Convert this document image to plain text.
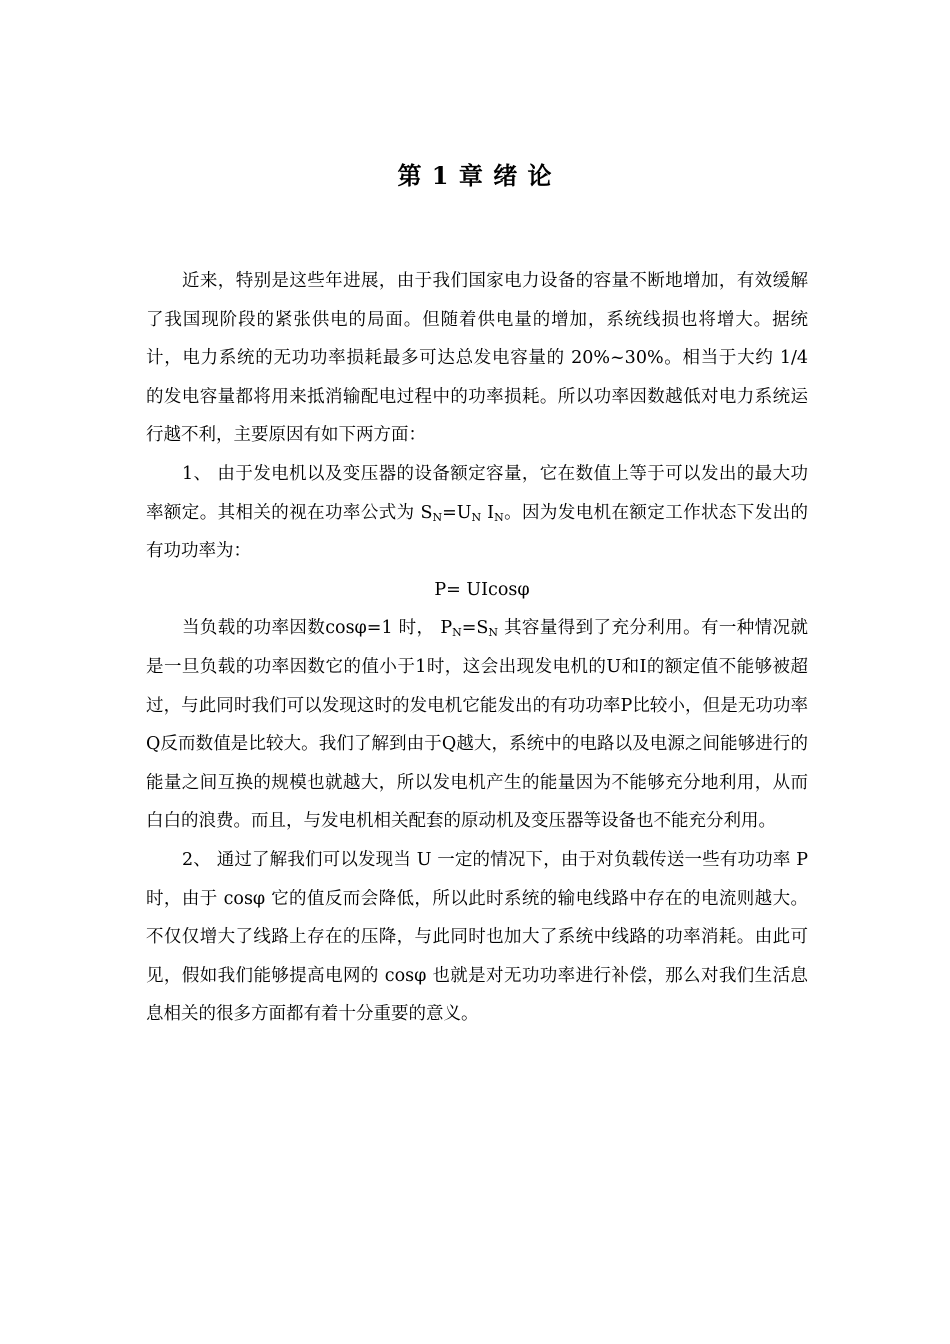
第 1 章 绪 论

近来，特别是这些年进展，由于我们国家电力设备的容量不断地增加，有效缓解了我国现阶段的紧张供电的局面。但随着供电量的增加，系统线损也将增大。据统计，电力系统的无功功率损耗最多可达总发电容量的 20%~30%。相当于大约 1/4 的发电容量都将用来抵消输配电过程中的功率损耗。所以功率因数越低对电力系统运行越不利，主要原因有如下两方面：

1、 由于发电机以及变压器的设备额定容量，它在数值上等于可以发出的最大功率额定。其相关的视在功率公式为 $S_N=U_N$ $I_N$。因为发电机在额定工作状态下发出的有功功率为：

P= UIcosφ

当负载的功率因数cosφ=1 时， $P_N=S_N$ 其容量得到了充分利用。有一种情况就是一旦负载的功率因数它的值小于1时，这会出现发电机的U和I的额定值不能够被超过，与此同时我们可以发现这时的发电机它能发出的有功功率P比较小，但是无功功率Q反而数值是比较大。我们了解到由于Q越大，系统中的电路以及电源之间能够进行的能量之间互换的规模也就越大，所以发电机产生的能量因为不能够充分地利用，从而白白的浪费。而且，与发电机相关配套的原动机及变压器等设备也不能充分利用。

2、 通过了解我们可以发现当 U 一定的情况下，由于对负载传送一些有功功率 P 时，由于 cosφ 它的值反而会降低，所以此时系统的输电线路中存在的电流则越大。不仅仅增大了线路上存在的压降，与此同时也加大了系统中线路的功率消耗。由此可见，假如我们能够提高电网的 cosφ 也就是对无功功率进行补偿，那么对我们生活息息相关的很多方面都有着十分重要的意义。
